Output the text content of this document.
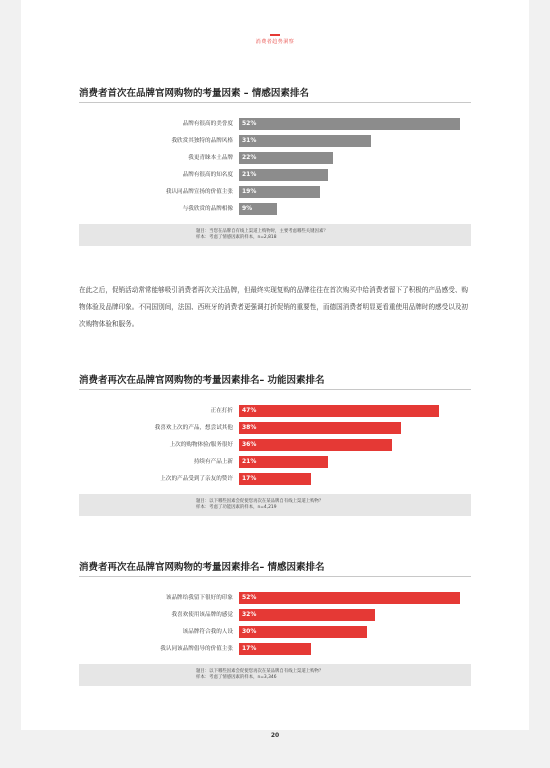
消费者趋势洞察
消费者首次在品牌官网购物的考量因素 – 情感因素排名
品牌有很高的美誉度 52%
我欣赏其独特的品牌风格 31%
我更青睐本土品牌 22%
品牌有很高的知名度 21%
我认同品牌宣扬的价值主张 19%
与我欣赏的品牌相像 9%

题目：当您在品牌自有线上渠道上购物时，主要考虑哪些关键因素？

样本：考虑了情感因素的样本，n=2,818

在此之后，促销活动常常能够吸引消费者再次关注品牌，但最终实现复购的品牌往往在首次购买中给消费者留下了积极的产品感受、购物体验及品牌印象。不同国别间，法国、西班牙的消费者更强调打折促销的重要性，而德国消费者明显更看重使用品牌时的感受以及初次购物体验和服务。
消费者再次在品牌官网购物的考量因素排名– 功能因素排名
正在打折 47%
我喜欢上次的产品，想尝试其他 38%
上次的购物体验/服务很好 36%
持续有产品上新 21%
上次的产品受到了亲友的赞许 17%

题目：以下哪些因素会促使您再次在某品牌自有线上渠道上购物？

样本：考虑了功能因素的样本，n=4,219

消费者再次在品牌官网购物的考量因素排名– 情感因素排名
该品牌给我留下很好的印象 52%
我喜欢使用该品牌的感觉 32%
该品牌符合我的人设 30%
我认同该品牌倡导的价值主张 17%

题目：以下哪些因素会促使您再次在某品牌自有线上渠道上购物？

样本：考虑了情感因素的样本，n=3,346

20
